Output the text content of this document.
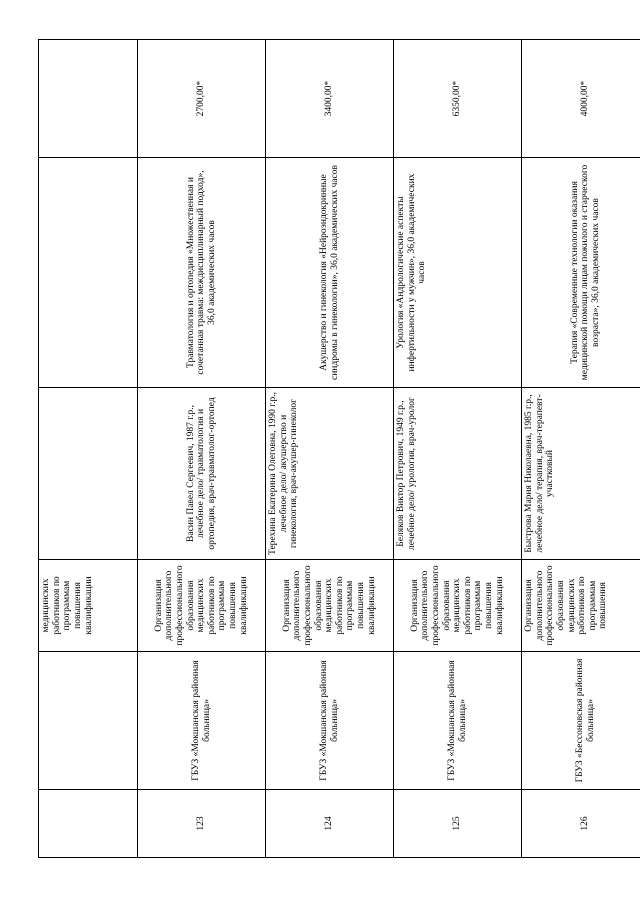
		медицинских работников по программам повышения квалификации			
123	ГБУЗ «Мокшанская районная больница»	Организация дополнительного профессионального образования медицинских работников по программам повышения квалификации	Васин Павел Сергеевич, 1987 г.р., лечебное дело/ травматология и ортопедия, врач-травматолог-ортопед	Травматология и ортопедия «Множественная и сочетанная травма: междисциплинарный подход», 36,0 академических часов	2700,00*
124	ГБУЗ «Мокшанская районная больница»	Организация дополнительного профессионального образования медицинских работников по программам повышения квалификации	Терехина Екатерина Олеговна, 1990 г.р., лечебное дело/ акушерство и гинекология, врач-акушер-гинеколог	Акушерство и гинекология «Нейроэндокринные синдромы в гинекологии», 36,0 академических часов	3400,00*
125	ГБУЗ «Мокшанская районная больница»	Организация дополнительного профессионального образования медицинских работников по программам повышения квалификации	Беляков Виктор Петрович, 1949 г.р., лечебное дело/ урология, врач-уролог	Урология «Андрологические аспекты инфертильности у мужчин», 36,0 академических часов	6350,00*
126	ГБУЗ «Бессоновская районная больница»	Организация дополнительного профессионального образования медицинских работников по программам повышения	Быстрова Мария Николаевна, 1985 г.р., лечебное дело/ терапия, врач-терапевт-участковый	Терапия «Современные технологии оказания медицинской помощи лицам пожилого и старческого возраста», 36,0 академических часов	4000,00*
